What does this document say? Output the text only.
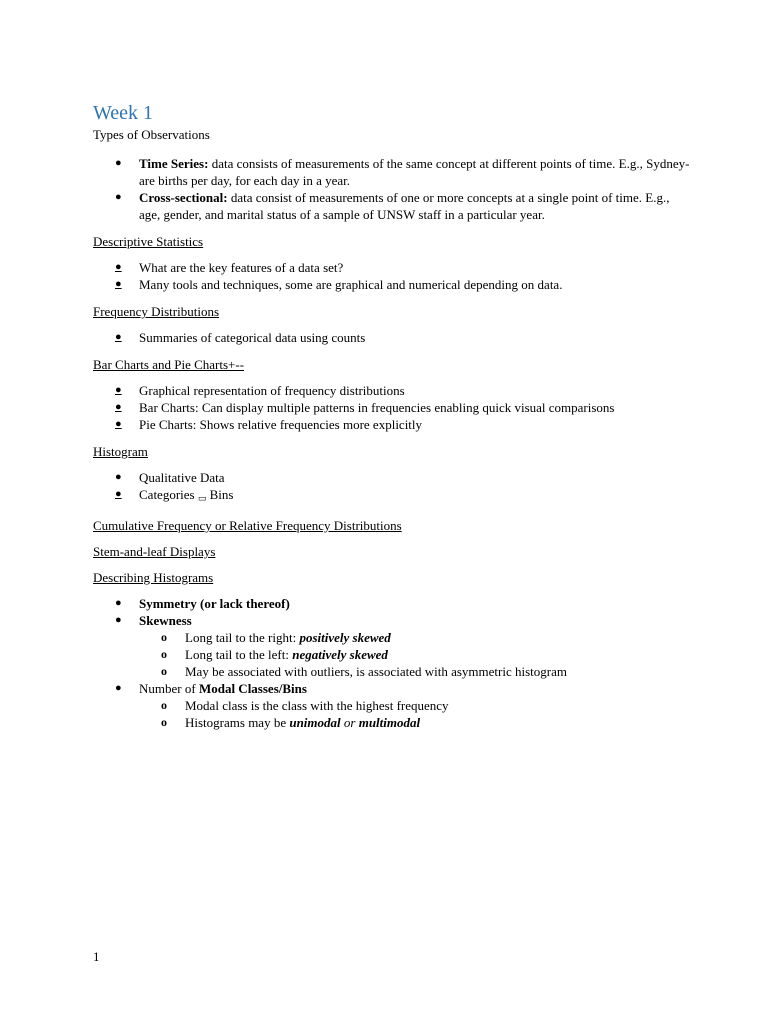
Week 1

Types of Observations

● Time Series: data consists of measurements of the same concept at different points of time. E.g., Sydney-are births per day, for each day in a year.
● Cross-sectional: data consist of measurements of one or more concepts at a single point of time. E.g., age, gender, and marital status of a sample of UNSW staff in a particular year.

Descriptive Statistics

●	What are the key features of a data set?
●	Many tools and techniques, some are graphical and numerical depending on data.

Frequency Distributions

●	Summaries of categorical data using counts

Bar Charts and Pie Charts+--

●	Graphical representation of frequency distributions
●	Bar Charts: Can display multiple patterns in frequencies enabling quick visual comparisons
●	Pie Charts: Shows relative frequencies more explicitly

Histogram

● Qualitative Data
●	Categories ▭ Bins

Cumulative Frequency or Relative Frequency Distributions

Stem-and-leaf Displays

Describing Histograms

● Symmetry (or lack thereof)
● Skewness
o Long tail to the right: positively skewed
o Long tail to the left: negatively skewed
o May be associated with outliers, is associated with asymmetric histogram
● Number of Modal Classes/Bins
o Modal class is the class with the highest frequency
o Histograms may be unimodal or multimodal
1
